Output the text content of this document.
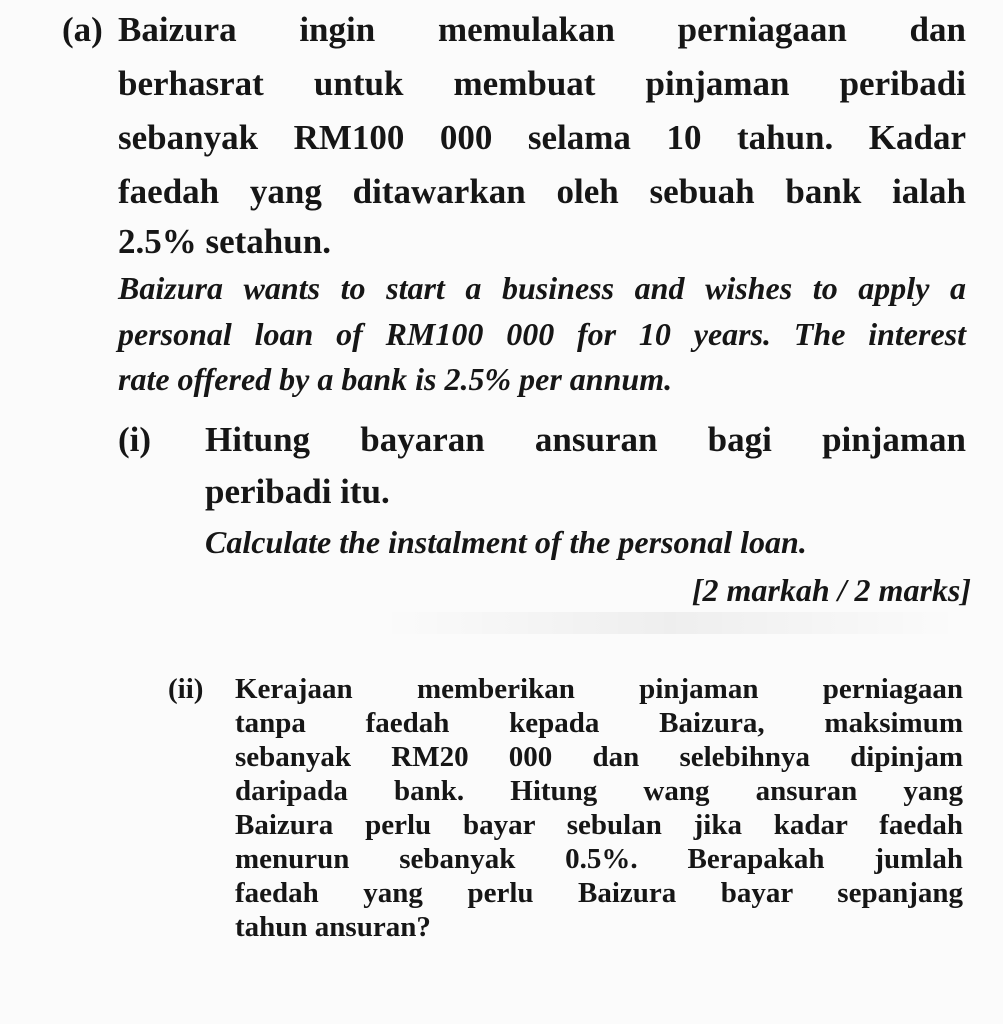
(a) Baizura ingin memulakan perniagaan dan
berhasrat untuk membuat pinjaman peribadi
sebanyak RM100 000 selama 10 tahun. Kadar
faedah yang ditawarkan oleh sebuah bank ialah
2.5% setahun.
Baizura wants to start a business and wishes to apply a
personal loan of RM100 000 for 10 years. The interest
rate offered by a bank is 2.5% per annum.
(i) Hitung bayaran ansuran bagi pinjaman
peribadi itu.
Calculate the instalment of the personal loan.
[2 markah / 2 marks]
(ii) Kerajaan memberikan pinjaman perniagaan
tanpa faedah kepada Baizura, maksimum
sebanyak RM20 000 dan selebihnya dipinjam
daripada bank. Hitung wang ansuran yang
Baizura perlu bayar sebulan jika kadar faedah
menurun sebanyak 0.5%. Berapakah jumlah
faedah yang perlu Baizura bayar sepanjang
tahun ansuran?
